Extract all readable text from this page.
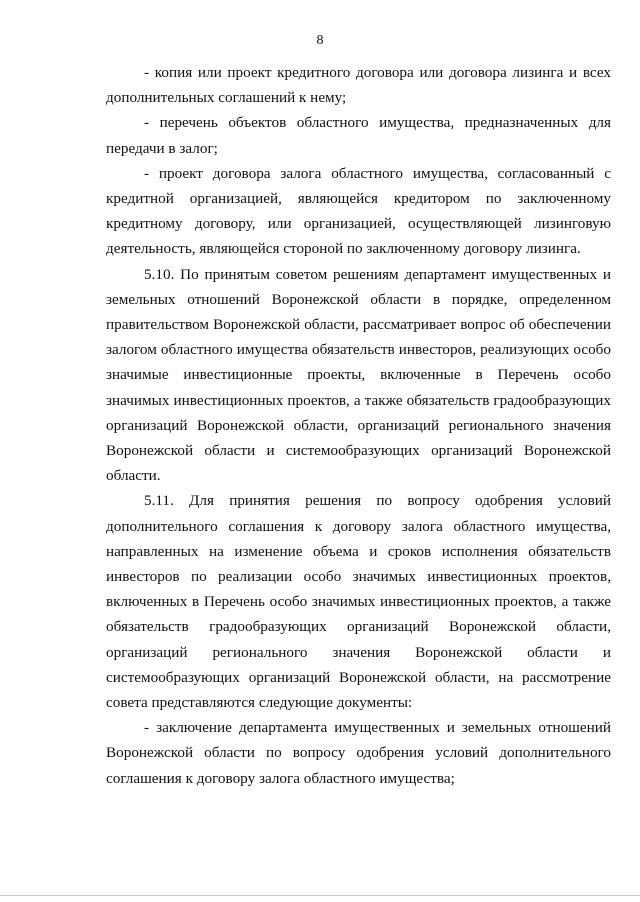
8

- копия или проект кредитного договора или договора лизинга и всех дополнительных соглашений к нему;

- перечень объектов областного имущества, предназначенных для передачи в залог;

- проект договора залога областного имущества, согласованный с кредитной организацией, являющейся кредитором по заключенному кредитному договору, или организацией, осуществляющей лизинговую деятельность, являющейся стороной по заключенному договору лизинга.

5.10. По принятым советом решениям департамент имущественных и земельных отношений Воронежской области в порядке, определенном правительством Воронежской области, рассматривает вопрос об обеспечении залогом областного имущества обязательств инвесторов, реализующих особо значимые инвестиционные проекты, включенные в Перечень особо значимых инвестиционных проектов, а также обязательств градообразующих организаций Воронежской области, организаций регионального значения Воронежской области и системообразующих организаций Воронежской области.

5.11. Для принятия решения по вопросу одобрения условий дополнительного соглашения к договору залога областного имущества, направленных на изменение объема и сроков исполнения обязательств инвесторов по реализации особо значимых инвестиционных проектов, включенных в Перечень особо значимых инвестиционных проектов, а также обязательств градообразующих организаций Воронежской области, организаций регионального значения Воронежской области и системообразующих организаций Воронежской области, на рассмотрение совета представляются следующие документы:

- заключение департамента имущественных и земельных отношений Воронежской области по вопросу одобрения условий дополнительного соглашения к договору залога областного имущества;
